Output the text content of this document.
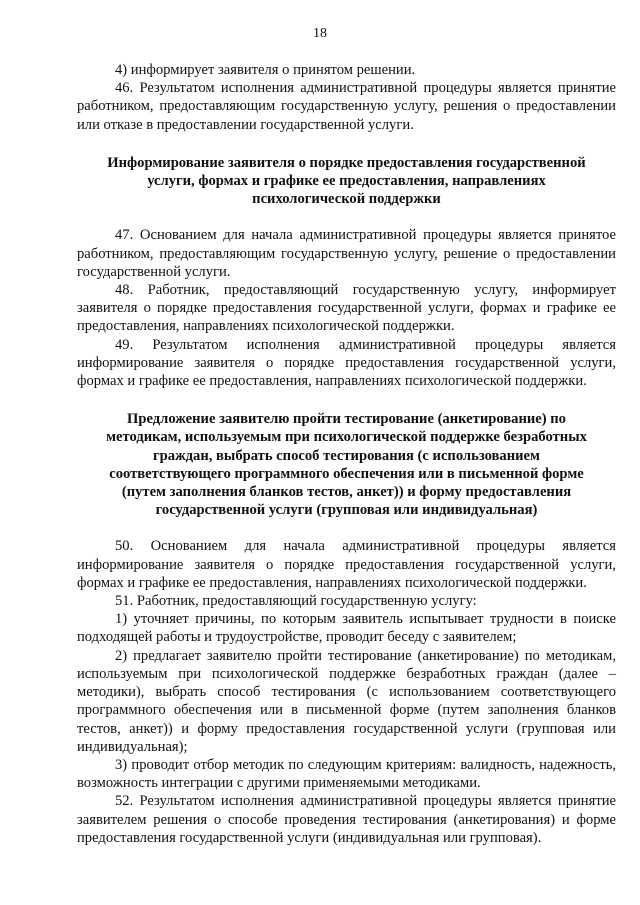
18

4) информирует заявителя о принятом решении.

46. Результатом исполнения административной процедуры является принятие работником, предоставляющим государственную услугу, решения о предоставлении или отказе в предоставлении государственной услуги.

Информирование заявителя о порядке предоставления государственной услуги, формах и графике ее предоставления, направлениях психологической поддержки

47. Основанием для начала административной процедуры является принятое работником, предоставляющим государственную услугу, решение о предоставлении государственной услуги.

48. Работник, предоставляющий государственную услугу, информирует заявителя о порядке предоставления государственной услуги, формах и графике ее предоставления, направлениях психологической поддержки.

49. Результатом исполнения административной процедуры является информирование заявителя о порядке предоставления государственной услуги, формах и графике ее предоставления, направлениях психологической поддержки.

Предложение заявителю пройти тестирование (анкетирование) по методикам, используемым при психологической поддержке безработных граждан, выбрать способ тестирования (с использованием соответствующего программного обеспечения или в письменной форме (путем заполнения бланков тестов, анкет)) и форму предоставления государственной услуги (групповая или индивидуальная)

50. Основанием для начала административной процедуры является информирование заявителя о порядке предоставления государственной услуги, формах и графике ее предоставления, направлениях психологической поддержки.

51. Работник, предоставляющий государственную услугу:

1) уточняет причины, по которым заявитель испытывает трудности в поиске подходящей работы и трудоустройстве, проводит беседу с заявителем;

2) предлагает заявителю пройти тестирование (анкетирование) по методикам, используемым при психологической поддержке безработных граждан (далее – методики), выбрать способ тестирования (с использованием соответствующего программного обеспечения или в письменной форме (путем заполнения бланков тестов, анкет)) и форму предоставления государственной услуги (групповая или индивидуальная);

3) проводит отбор методик по следующим критериям: валидность, надежность, возможность интеграции с другими применяемыми методиками.

52. Результатом исполнения административной процедуры является принятие заявителем решения о способе проведения тестирования (анкетирования) и форме предоставления государственной услуги (индивидуальная или групповая).
